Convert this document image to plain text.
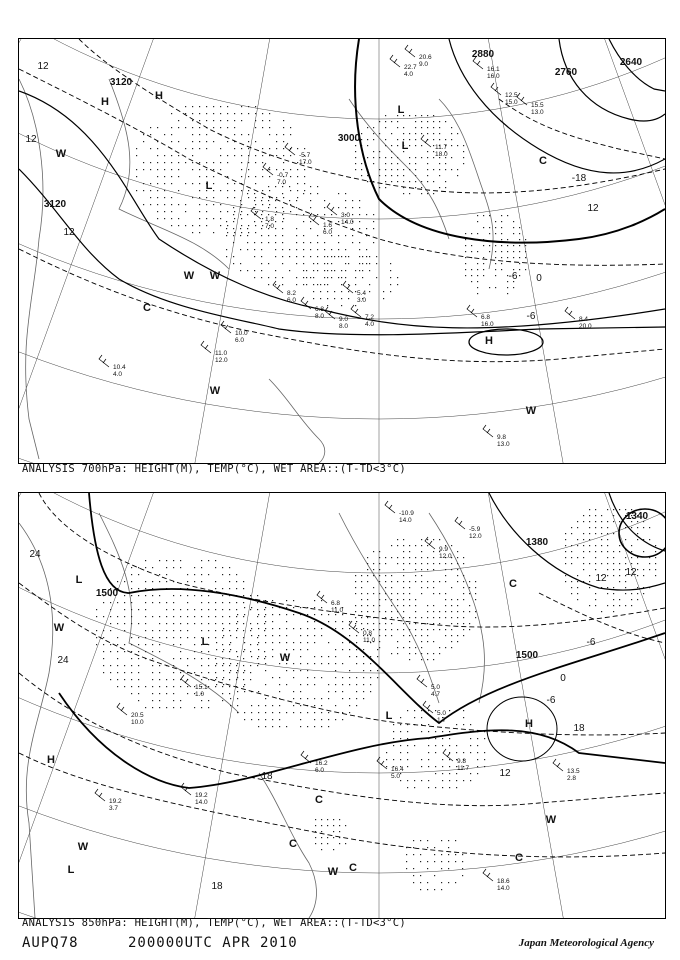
3120
3120
3000
2880
2760
2640
12
12
12
-18
12
-6
0
-6
H	H
L
L
L
H
W
W
W
W
C
C
W
20.6
9.0
22.7
4.0
16.1
16.0
12.5
15.0 15.5
13.0
11.7
18.0
9.8
13.0
8.4
20.0
6.8
16.0
7.2
4.0
5.4
3.0
11.0
12.0
10.0
6.0
10.4
4.0
8.2
6.0
6.8
8.0 9.0
8.0
3.0
14.0
1.6
6.0
-5.7
17.0
-0.7
7.0
1.8
7.0
ANALYSIS 700hPa: HEIGHT(M), TEMP(°C), WET AREA::(T-TD<3°C)
1500
1500
1380
1340
24
24
18
18
12
12
18
0
-6
-6
12
L
L
L
L
H
H
W
W
W
W
C
C
C
C
W
C
-10.9
14.0
-5.9
12.0
9.9
12.0
18.6
14.0
13.5
2.8
9.8
11.7
16.4
5.0
16.2
6.0
19.2
14.0
19.2
3.7
20.5
10.0
15.1
1.0
6.8
11.0
0.8
11.0
5.0
4.7
5.0
1.7
ANALYSIS 850hPa: HEIGHT(M), TEMP(°C), WET AREA::(T-TD<3°C)
AUPQ78	200000UTC APR 2010	Japan Meteorological Agency
